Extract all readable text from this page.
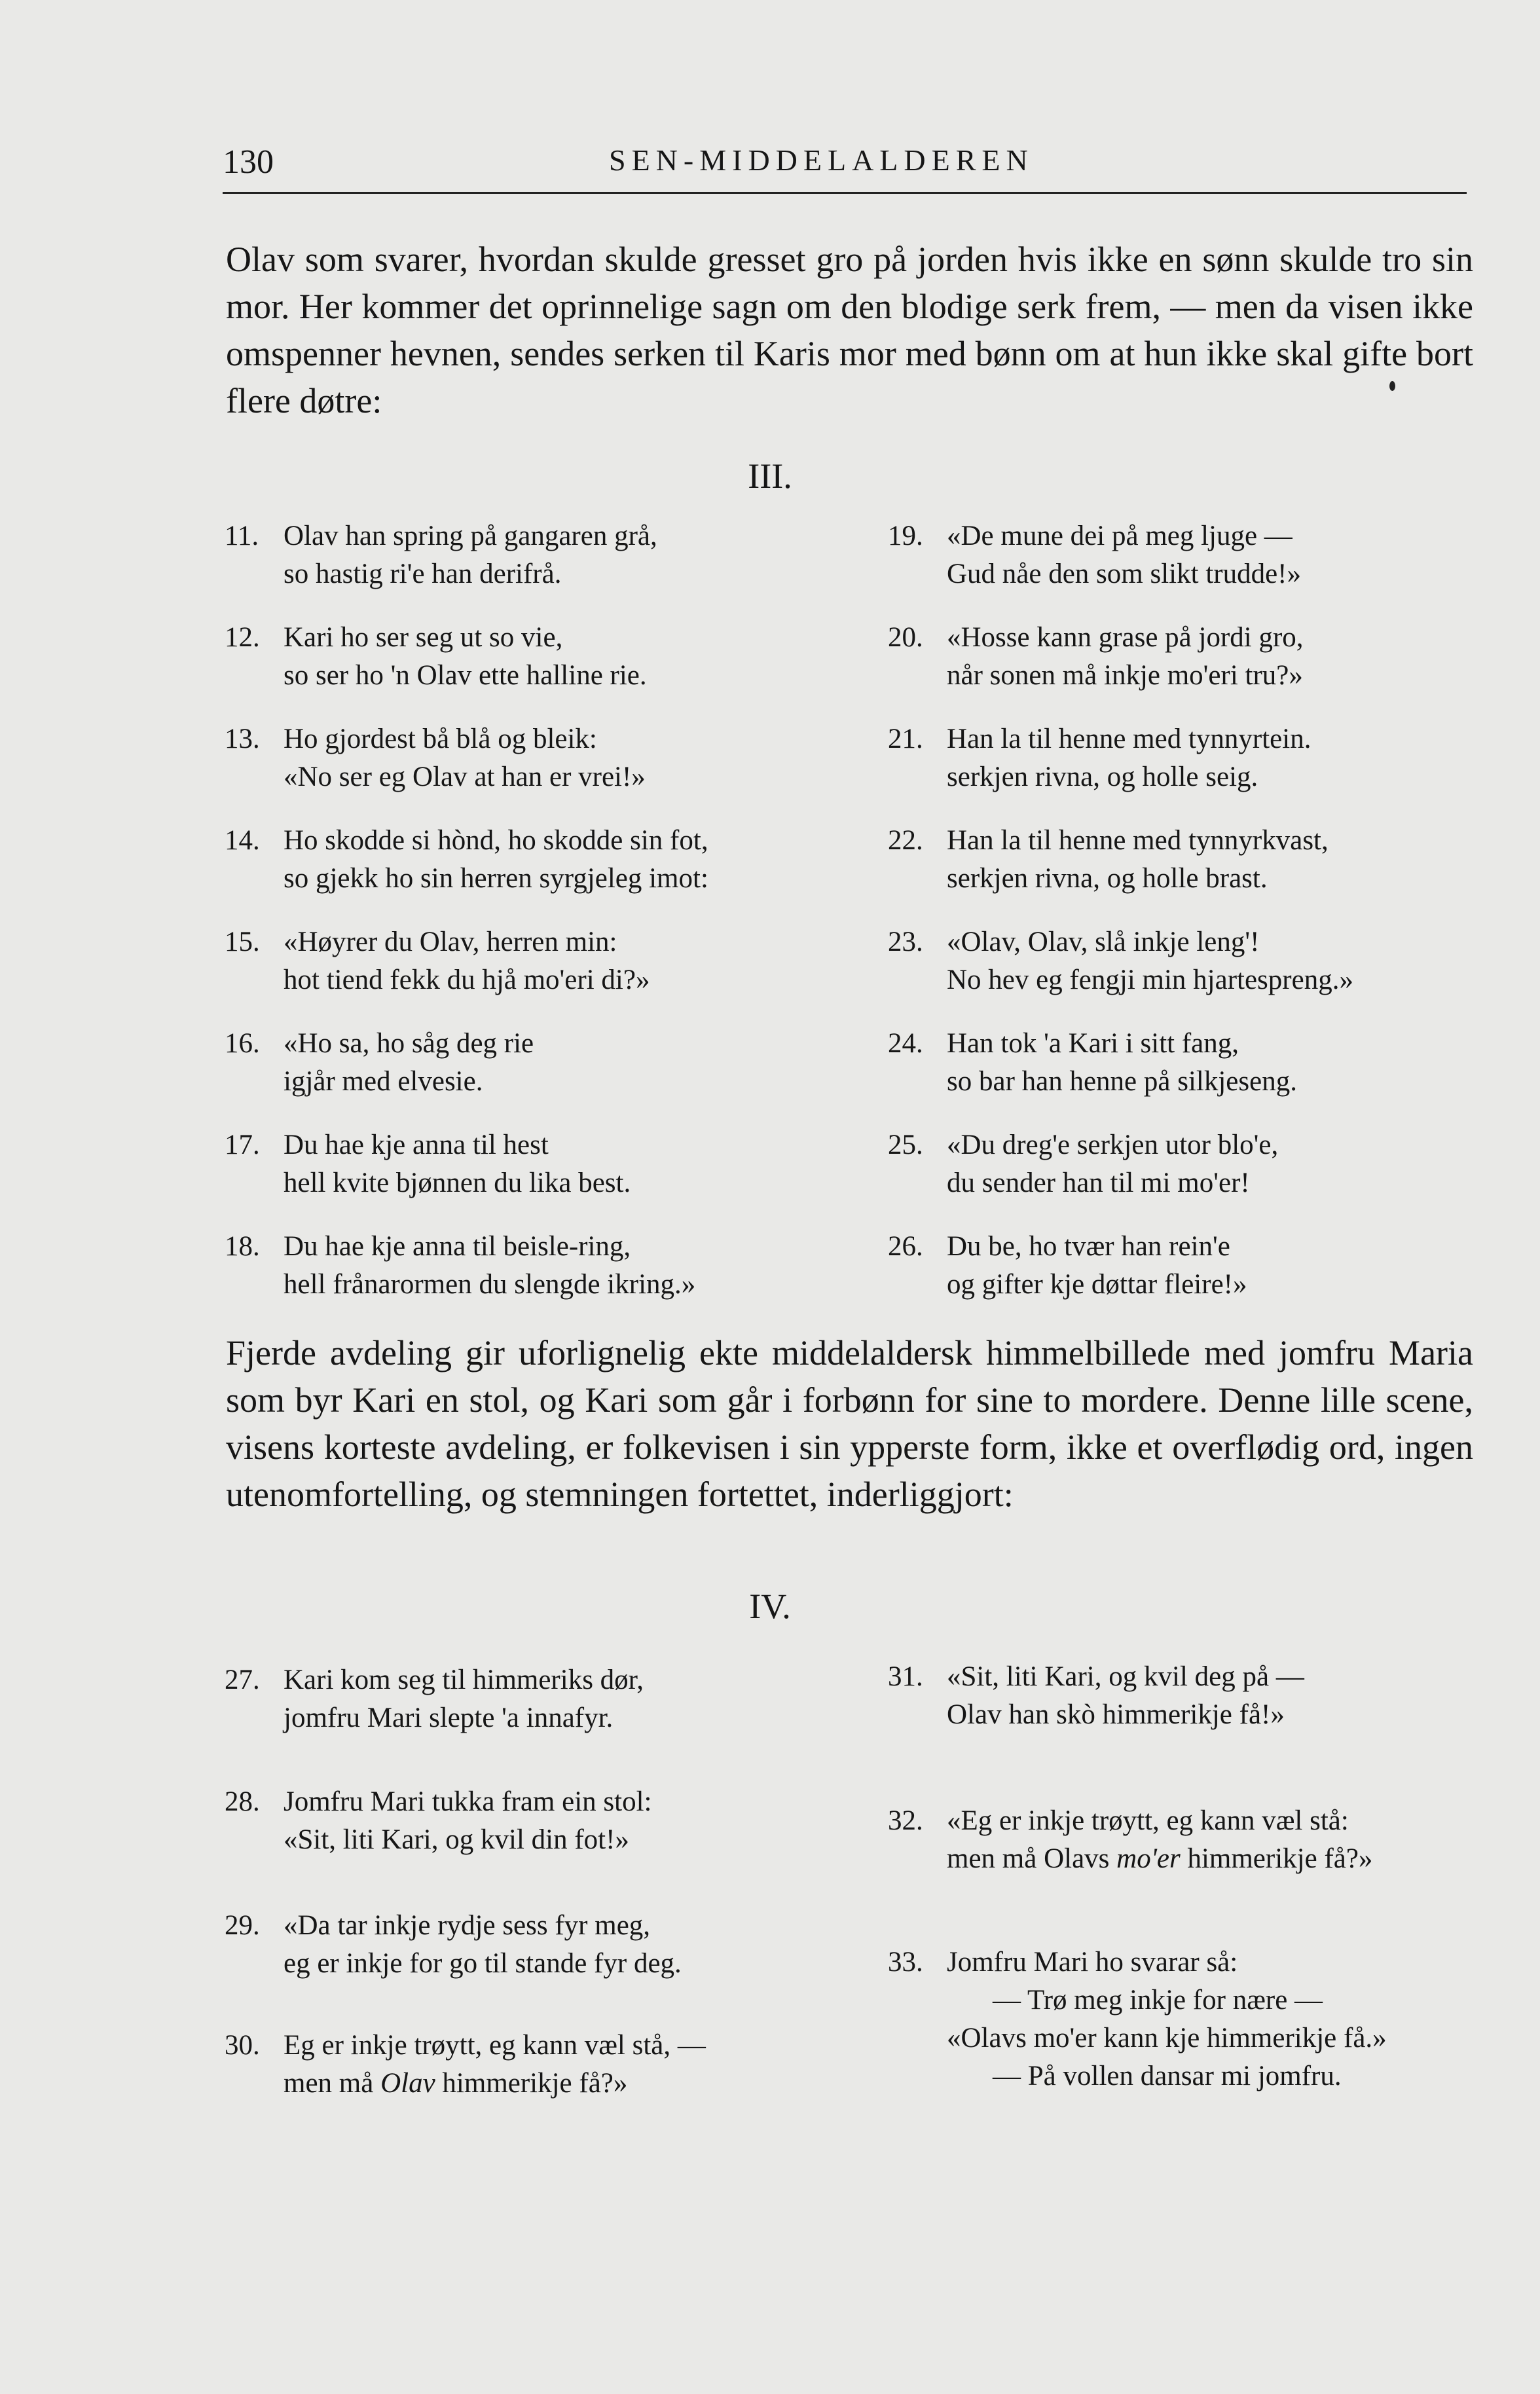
130	SEN-MIDDELALDEREN

Olav som svarer, hvordan skulde gresset gro på jorden hvis ikke en sønn skulde tro sin mor. Her kommer det oprinnelige sagn om den blodige serk frem, — men da visen ikke omspenner hevnen, sendes serken til Karis mor med bønn om at hun ikke skal gifte bort flere døtre:

III.
11. Olav han spring på gangaren grå,
so hastig ri'e han derifrå.
12. Kari ho ser seg ut so vie,
so ser ho 'n Olav ette halline rie.
13. Ho gjordest bå blå og bleik:
«No ser eg Olav at han er vrei!»
14. Ho skodde si hònd, ho skodde sin fot,
so gjekk ho sin herren syrgjeleg imot:
15. «Høyrer du Olav, herren min:
hot tiend fekk du hjå mo'eri di?»
16. «Ho sa, ho såg deg rie
igjår med elvesie.
17. Du hae kje anna til hest
hell kvite bjønnen du lika best.
18. Du hae kje anna til beisle-ring,
hell frånarormen du slengde ikring.»
19. «De mune dei på meg ljuge —
Gud nåe den som slikt trudde!»
20. «Hosse kann grase på jordi gro,
når sonen må inkje mo'eri tru?»
21. Han la til henne med tynnyrtein.
serkjen rivna, og holle seig.
22. Han la til henne med tynnyrkvast,
serkjen rivna, og holle brast.
23. «Olav, Olav, slå inkje leng'!
No hev eg fengji min hjartespreng.»
24. Han tok 'a Kari i sitt fang,
so bar han henne på silkjeseng.
25. «Du dreg'e serkjen utor blo'e,
du sender han til mi mo'er!
26. Du be, ho tvær han rein'e
og gifter kje døttar fleire!»

Fjerde avdeling gir uforlignelig ekte middelaldersk himmelbillede med jomfru Maria som byr Kari en stol, og Kari som går i forbønn for sine to mordere. Denne lille scene, visens korteste avdeling, er folkevisen i sin ypperste form, ikke et overflødig ord, ingen utenomfortelling, og stemningen fortettet, inderliggjort:

IV.
27. Kari kom seg til himmeriks dør,
jomfru Mari slepte 'a innafyr.
28. Jomfru Mari tukka fram ein stol:
«Sit, liti Kari, og kvil din fot!»
29. «Da tar inkje rydje sess fyr meg,
eg er inkje for go til stande fyr deg.
30. Eg er inkje trøytt, eg kann væl stå, —
men må Olav himmerikje få?»
31. «Sit, liti Kari, og kvil deg på —
Olav han skò himmerikje få!»
32. «Eg er inkje trøytt, eg kann væl stå:
men må Olavs mo'er himmerikje få?»
33. Jomfru Mari ho svarar så:
— Trø meg inkje for nære —
«Olavs mo'er kann kje himmerikje få.»
— På vollen dansar mi jomfru.
